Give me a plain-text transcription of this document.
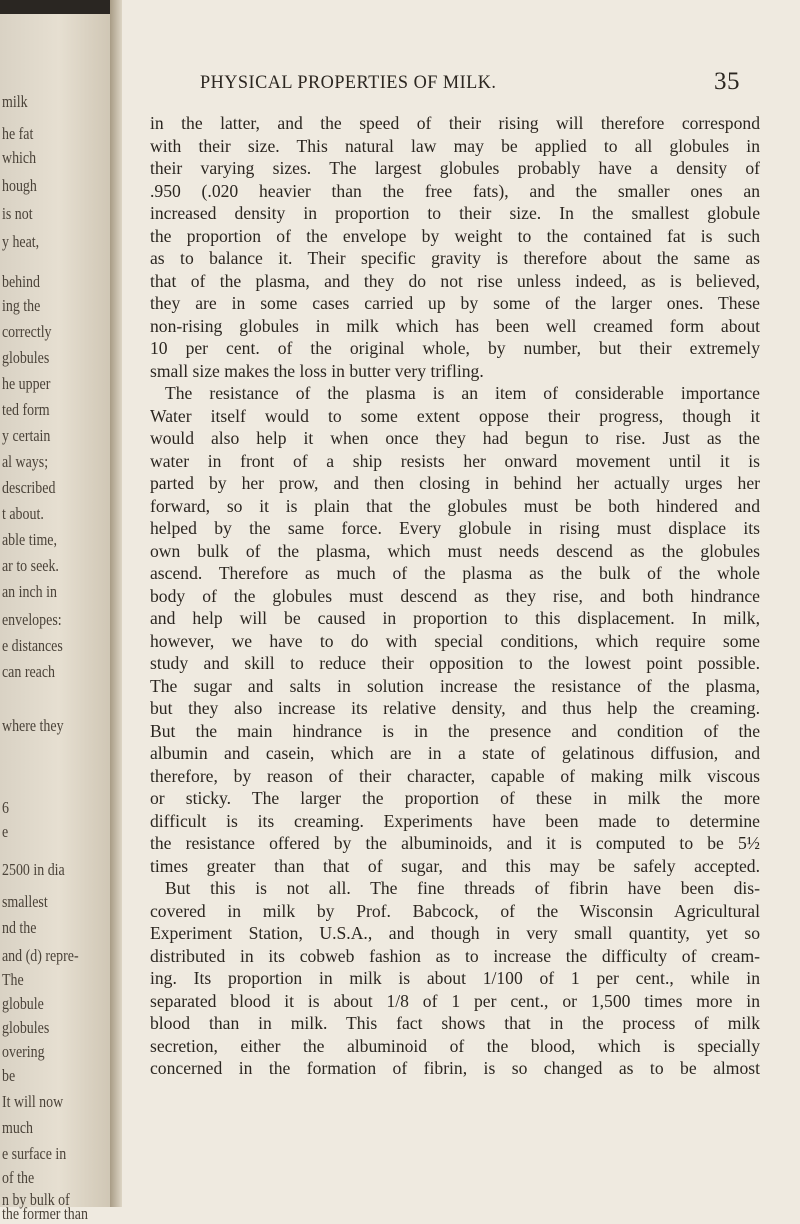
milk
he fat
which
hough
is not
y heat,
behind
ing the
correctly
globules
he upper
ted form
y certain
al ways;
described
t about.
able time,
ar to seek.
an inch in
envelopes:
e distances
can reach
where they
6
e
2500 in dia
smallest
nd the
and (d) repre-
The
globule
globules
overing
be
It will now
much
e surface in
of the
n by bulk of
the former than
PHYSICAL PROPERTIES OF MILK.	35
in the latter, and the speed of their rising will therefore correspond
with their size. This natural law may be applied to all globules in
their varying sizes. The largest globules probably have a density of
.950 (.020 heavier than the free fats), and the smaller ones an
increased density in proportion to their size. In the smallest globule
the proportion of the envelope by weight to the contained fat is such
as to balance it. Their specific gravity is therefore about the same as
that of the plasma, and they do not rise unless indeed, as is believed,
they are in some cases carried up by some of the larger ones. These
non-rising globules in milk which has been well creamed form about
10 per cent. of the original whole, by number, but their extremely
small size makes the loss in butter very trifling.
The resistance of the plasma is an item of considerable importance
Water itself would to some extent oppose their progress, though it
would also help it when once they had begun to rise. Just as the
water in front of a ship resists her onward movement until it is
parted by her prow, and then closing in behind her actually urges her
forward, so it is plain that the globules must be both hindered and
helped by the same force. Every globule in rising must displace its
own bulk of the plasma, which must needs descend as the globules
ascend. Therefore as much of the plasma as the bulk of the whole
body of the globules must descend as they rise, and both hindrance
and help will be caused in proportion to this displacement. In milk,
however, we have to do with special conditions, which require some
study and skill to reduce their opposition to the lowest point possible.
The sugar and salts in solution increase the resistance of the plasma,
but they also increase its relative density, and thus help the creaming.
But the main hindrance is in the presence and condition of the
albumin and casein, which are in a state of gelatinous diffusion, and
therefore, by reason of their character, capable of making milk viscous
or sticky. The larger the proportion of these in milk the more
difficult is its creaming. Experiments have been made to determine
the resistance offered by the albuminoids, and it is computed to be 5½
times greater than that of sugar, and this may be safely accepted.
But this is not all. The fine threads of fibrin have been dis-
covered in milk by Prof. Babcock, of the Wisconsin Agricultural
Experiment Station, U.S.A., and though in very small quantity, yet so
distributed in its cobweb fashion as to increase the difficulty of cream-
ing. Its proportion in milk is about 1/100 of 1 per cent., while in
separated blood it is about 1/8 of 1 per cent., or 1,500 times more in
blood than in milk. This fact shows that in the process of milk
secretion, either the albuminoid of the blood, which is specially
concerned in the formation of fibrin, is so changed as to be almost
